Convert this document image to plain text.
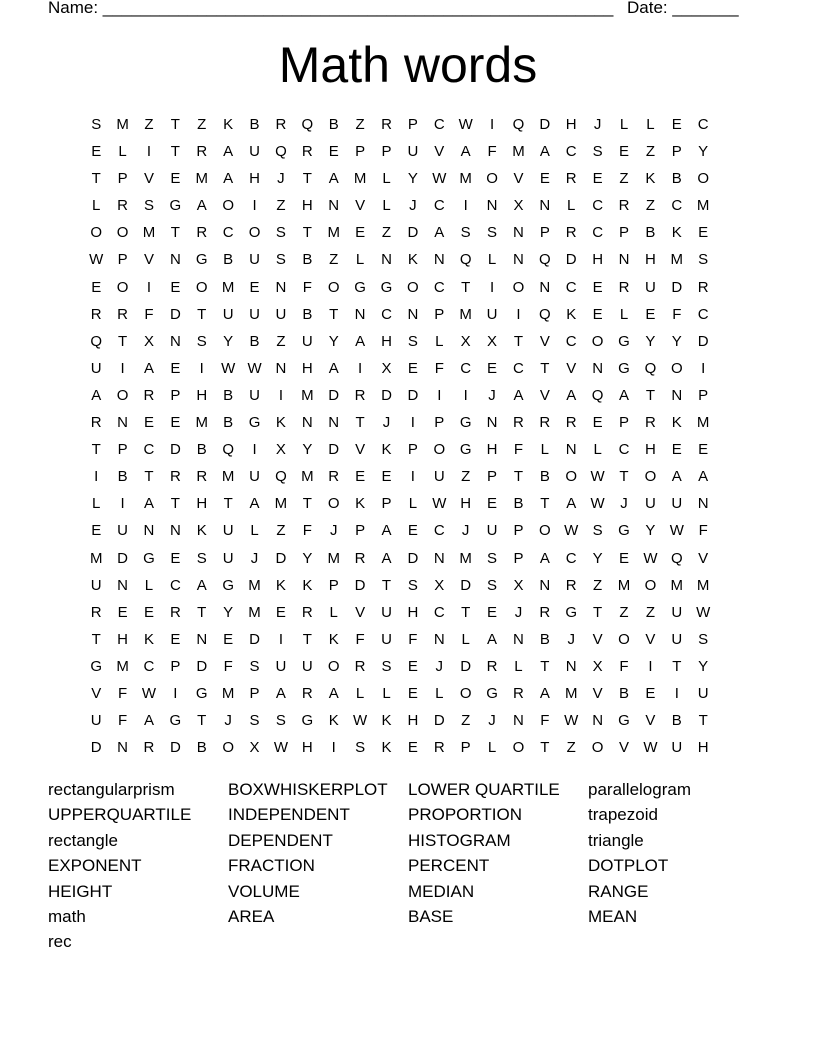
Name: ______________________________________________________ Date: _______
Math words
S	M	Z	T	Z	K	B	R	Q	B	Z	R	P	C W	I	Q	D	H	J	L	L	E	C
E	L	I	T	R	A	U	Q	R	E	P	P	U	V	A	F	M	A	C	S	E	Z	P	Y
T	P	V	E	M	A	H	J	T	A	M	L	Y W M O	V	E	R	E	Z	K	B	O
L	R	S	G	A	O	I	Z	H	N	V	L	J	C	I	N	X	N	L	C	R	Z	C M
O O M	T	R	C	O	S	T	M	E	Z	D	A	S	S	N	P	R	C	P	B	K	E
W P	V	N	G	B	U	S	B	Z	L	N	K	N	Q	L	N	Q	D	H	N	H M	S
E	O	I	E	O M	E	N	F	O G G O	C	T	I	O	N	C	E	R	U	D	R
R	R	F	D	T	U	U	U	B	T	N	C	N	P	M U	I	Q	K	E	L	E	F	C
Q	T	X	N	S	Y	B	Z	U	Y	A	H	S	L	X	X	T	V	C	O G	Y	Y	D
U	I	A	E	I	W W N	H	A	I	X	E	F	C	E	C	T	V	N	G Q O	I
A	O	R	P	H	B	U	I	M D	R	D	D	I	I	J	A	V	A	Q	A	T	N	P
R	N	E	E	M	B	G	K	N	N	T	J	I	P	G	N	R	R	R	E	P	R	K	M
T	P	C	D	B	Q	I	X	Y	D	V	K	P	O G	H	F	L	N	L	C	H	E	E
I	B	T	R	R M U	Q M R	E	E	I	U	Z	P	T	B	O W T	O	A	A
L	I	A	T	H	T	A	M	T	O	K	P	L	W H	E	B	T	A W	J	U	U	N
E	U	N	N	K	U	L	Z	F	J	P	A	E	C	J	U	P	O W S	G	Y W F
M D	G	E	S	U	J	D	Y	M R	A	D	N M	S	P	A	C	Y	E W Q	V
U	N	L	C	A	G M	K	K	P	D	T	S	X	D	S	X	N	R	Z	M O M M
R	E	E	R	T	Y	M	E	R	L	V	U	H	C	T	E	J	R	G	T	Z	Z	U W
T	H	K	E	N	E	D	I	T	K	F	U	F	N	L	A	N	B	J	V	O	V	U	S
G M C	P	D	F	S	U	U	O	R	S	E	J	D	R	L	T	N	X	F	I	T	Y
V	F W	I	G M	P	A	R	A	L	L	E	L	O G	R	A	M	V	B	E	I	U
U	F	A	G	T	J	S	S	G	K W K	H	D	Z	J	N	F W N	G	V	B	T
D	N	R	D	B	O	X W H	I	S	K	E	R	P	L	O	T	Z	O	V W U	H
rectangularprism	BOXWHISKERPLOT	LOWER QUARTILE	parallelogram
UPPERQUARTILE	INDEPENDENT	PROPORTION	trapezoid
rectangle	DEPENDENT	HISTOGRAM	triangle
EXPONENT	FRACTION	PERCENT	DOTPLOT
HEIGHT	VOLUME	MEDIAN	RANGE
math	AREA	BASE	MEAN
rec
